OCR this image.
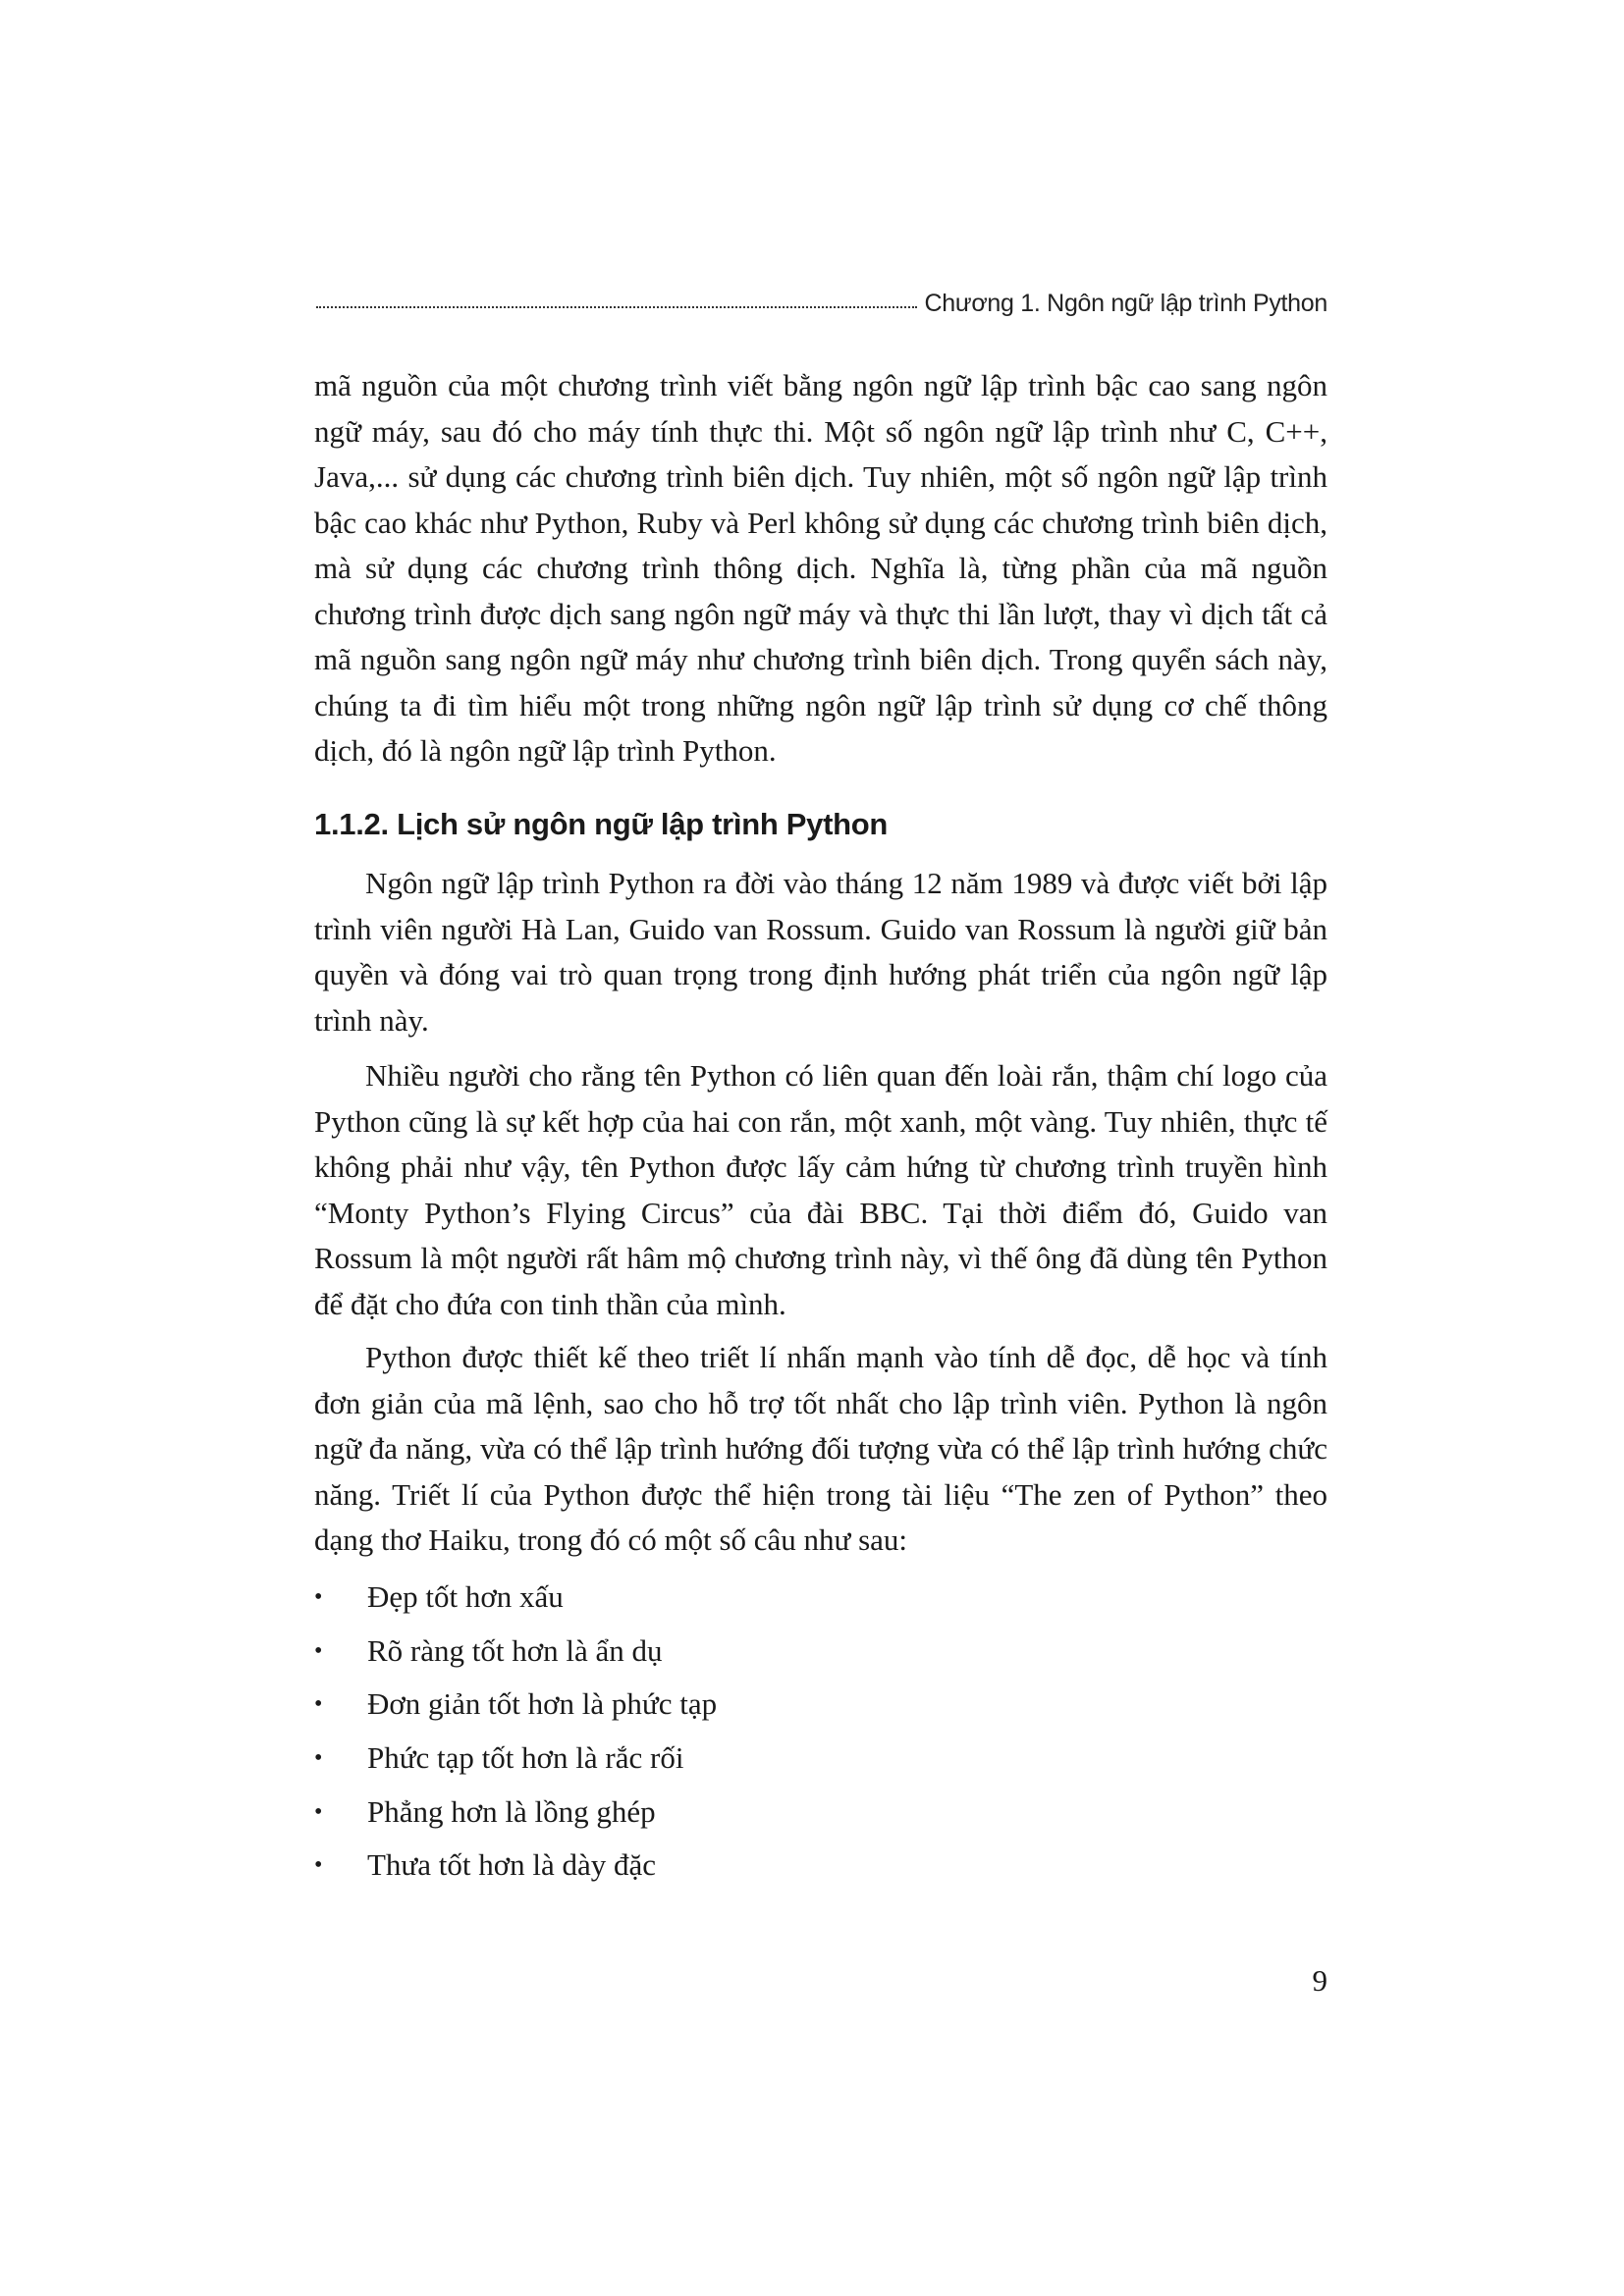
Chương 1. Ngôn ngữ lập trình Python
mã nguồn của một chương trình viết bằng ngôn ngữ lập trình bậc cao sang ngôn ngữ máy, sau đó cho máy tính thực thi. Một số ngôn ngữ lập trình như C, C++, Java,... sử dụng các chương trình biên dịch. Tuy nhiên, một số ngôn ngữ lập trình bậc cao khác như Python, Ruby và Perl không sử dụng các chương trình biên dịch, mà sử dụng các chương trình thông dịch. Nghĩa là, từng phần của mã nguồn chương trình được dịch sang ngôn ngữ máy và thực thi lần lượt, thay vì dịch tất cả mã nguồn sang ngôn ngữ máy như chương trình biên dịch. Trong quyển sách này, chúng ta đi tìm hiểu một trong những ngôn ngữ lập trình sử dụng cơ chế thông dịch, đó là ngôn ngữ lập trình Python.
1.1.2. Lịch sử ngôn ngữ lập trình Python
Ngôn ngữ lập trình Python ra đời vào tháng 12 năm 1989 và được viết bởi lập trình viên người Hà Lan, Guido van Rossum. Guido van Rossum là người giữ bản quyền và đóng vai trò quan trọng trong định hướng phát triển của ngôn ngữ lập trình này.
Nhiều người cho rằng tên Python có liên quan đến loài rắn, thậm chí logo của Python cũng là sự kết hợp của hai con rắn, một xanh, một vàng. Tuy nhiên, thực tế không phải như vậy, tên Python được lấy cảm hứng từ chương trình truyền hình “Monty Python’s Flying Circus” của đài BBC. Tại thời điểm đó, Guido van Rossum là một người rất hâm mộ chương trình này, vì thế ông đã dùng tên Python để đặt cho đứa con tinh thần của mình.
Python được thiết kế theo triết lí nhấn mạnh vào tính dễ đọc, dễ học và tính đơn giản của mã lệnh, sao cho hỗ trợ tốt nhất cho lập trình viên. Python là ngôn ngữ đa năng, vừa có thể lập trình hướng đối tượng vừa có thể lập trình hướng chức năng. Triết lí của Python được thể hiện trong tài liệu “The zen of Python” theo dạng thơ Haiku, trong đó có một số câu như sau:
•	Đẹp tốt hơn xấu
•	Rõ ràng tốt hơn là ẩn dụ
•	Đơn giản tốt hơn là phức tạp
•	Phức tạp tốt hơn là rắc rối
•	Phẳng hơn là lồng ghép
•	Thưa tốt hơn là dày đặc
9
